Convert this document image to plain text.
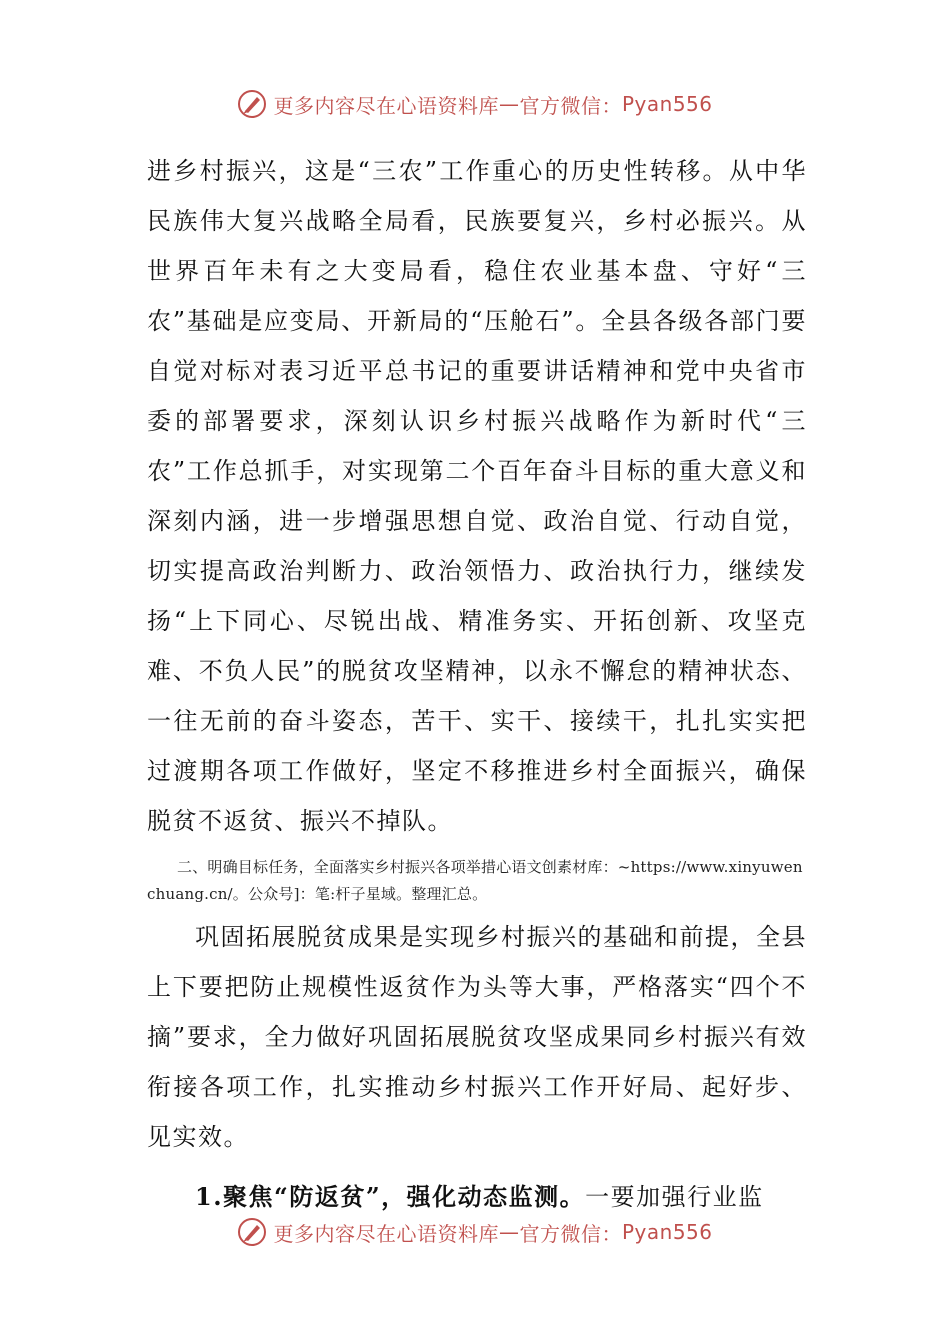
更多内容尽在心语资料库 — 官方微信： Pyan556

进乡村振兴，这是“三农”工作重心的历史性转移。从中华民族伟大复兴战略全局看，民族要复兴，乡村必振兴。从世界百年未有之大变局看，稳住农业基本盘、守好“三农”基础是应变局、开新局的“压舱石”。全县各级各部门要自觉对标对表习近平总书记的重要讲话精神和党中央省市委的部署要求，深刻认识乡村振兴战略作为新时代“三农”工作总抓手，对实现第二个百年奋斗目标的重大意义和深刻内涵，进一步增强思想自觉、政治自觉、行动自觉，切实提高政治判断力、政治领悟力、政治执行力，继续发扬“上下同心、尽锐出战、精准务实、开拓创新、攻坚克难、不负人民”的脱贫攻坚精神，以永不懈怠的精神状态、一往无前的奋斗姿态，苦干、实干、接续干，扎扎实实把过渡期各项工作做好，坚定不移推进乡村全面振兴，确保脱贫不返贫、振兴不掉队。

二、明确目标任务，全面落实乡村振兴各项举措心语文创素材库：~https://www.xinyuwenchuang.cn/。公众号]：笔:杆子星域。整理汇总。

巩固拓展脱贫成果是实现乡村振兴的基础和前提，全县上下要把防止规模性返贫作为头等大事，严格落实“四个不摘”要求，全力做好巩固拓展脱贫攻坚成果同乡村振兴有效衔接各项工作，扎实推动乡村振兴工作开好局、起好步、见实效。

1.聚焦“防返贫”，强化动态监测。一要加强行业监

更多内容尽在心语资料库 — 官方微信： Pyan556
